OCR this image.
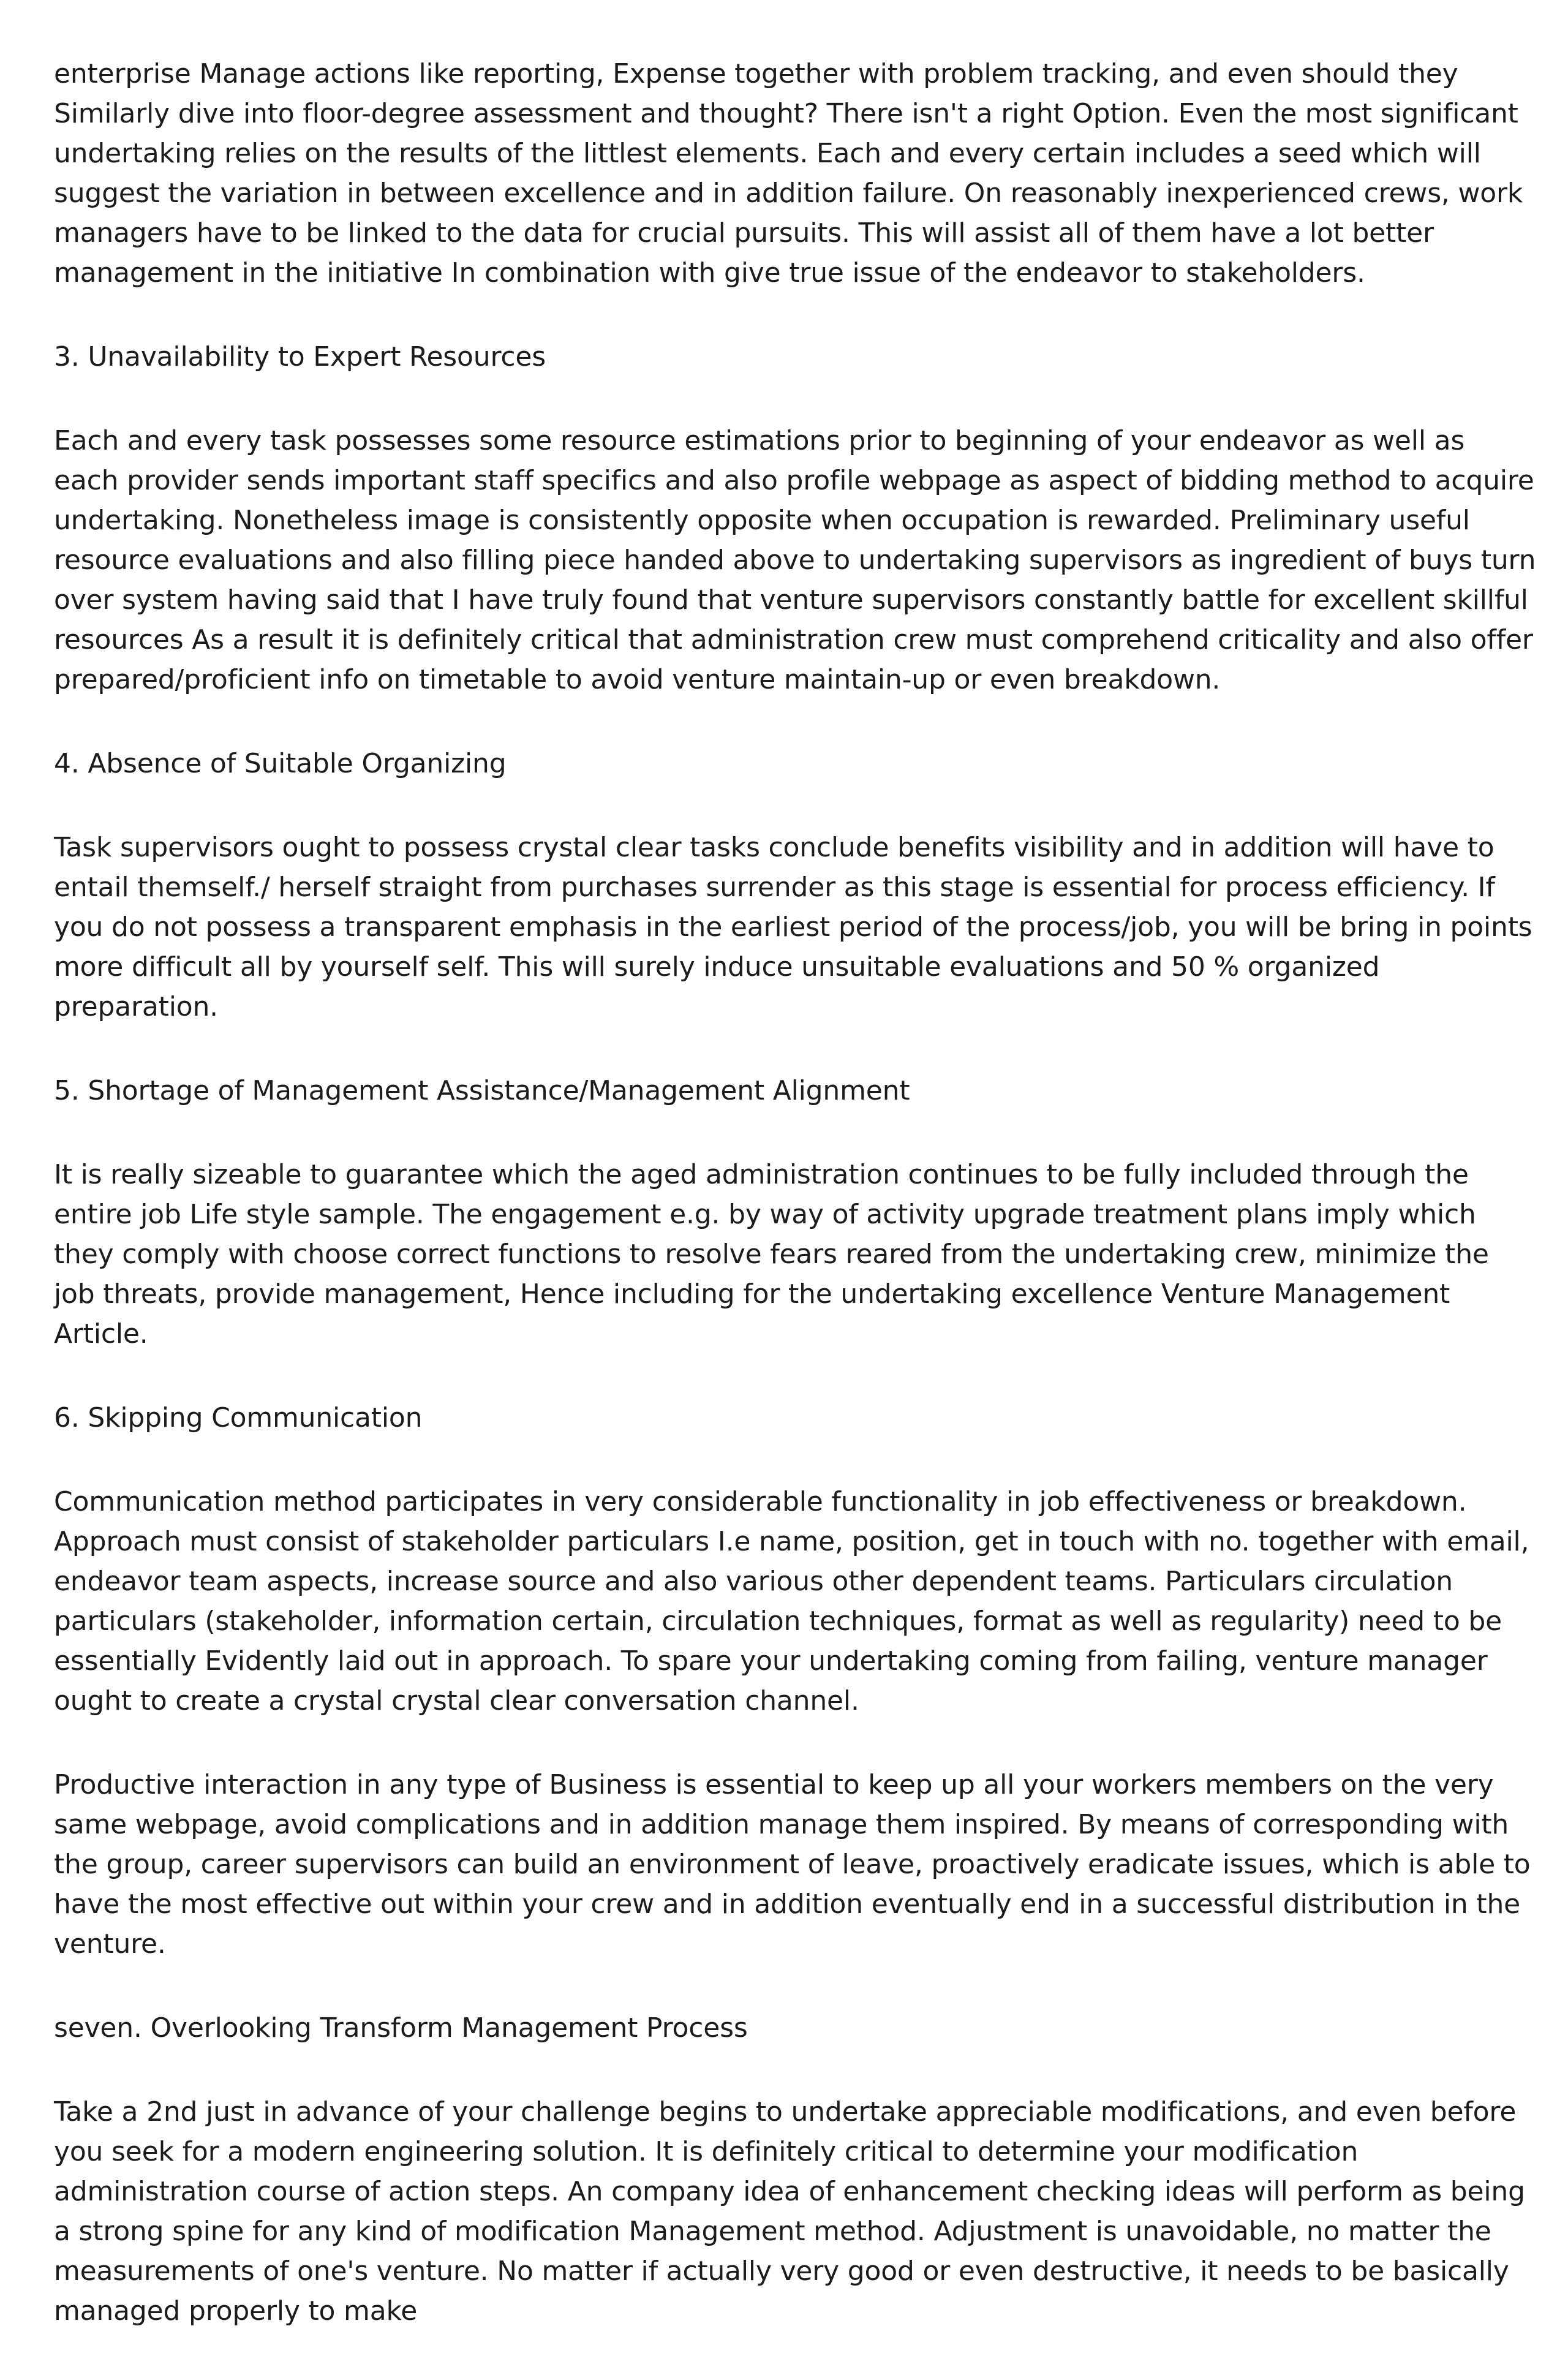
enterprise Manage actions like reporting, Expense together with problem tracking, and even should they Similarly dive into floor-degree assessment and thought? There isn't a right Option. Even the most significant undertaking relies on the results of the littlest elements. Each and every certain includes a seed which will suggest the variation in between excellence and in addition failure. On reasonably inexperienced crews, work managers have to be linked to the data for crucial pursuits. This will assist all of them have a lot better management in the initiative In combination with give true issue of the endeavor to stakeholders.

3. Unavailability to Expert Resources

Each and every task possesses some resource estimations prior to beginning of your endeavor as well as each provider sends important staff specifics and also profile webpage as aspect of bidding method to acquire undertaking. Nonetheless image is consistently opposite when occupation is rewarded. Preliminary useful resource evaluations and also filling piece handed above to undertaking supervisors as ingredient of buys turn over system having said that I have truly found that venture supervisors constantly battle for excellent skillful resources As a result it is definitely critical that administration crew must comprehend criticality and also offer prepared/proficient info on timetable to avoid venture maintain-up or even breakdown.

4. Absence of Suitable Organizing

Task supervisors ought to possess crystal clear tasks conclude benefits visibility and in addition will have to entail themself./ herself straight from purchases surrender as this stage is essential for process efficiency. If you do not possess a transparent emphasis in the earliest period of the process/job, you will be bring in points more difficult all by yourself self. This will surely induce unsuitable evaluations and 50 % organized preparation.

5. Shortage of Management Assistance/Management Alignment

It is really sizeable to guarantee which the aged administration continues to be fully included through the entire job Life style sample. The engagement e.g. by way of activity upgrade treatment plans imply which they comply with choose correct functions to resolve fears reared from the undertaking crew, minimize the job threats, provide management, Hence including for the undertaking excellence Venture Management Article.

6. Skipping Communication

Communication method participates in very considerable functionality in job effectiveness or breakdown. Approach must consist of stakeholder particulars I.e name, position, get in touch with no. together with email, endeavor team aspects, increase source and also various other dependent teams. Particulars circulation particulars (stakeholder, information certain, circulation techniques, format as well as regularity) need to be essentially Evidently laid out in approach. To spare your undertaking coming from failing, venture manager ought to create a crystal crystal clear conversation channel.

Productive interaction in any type of Business is essential to keep up all your workers members on the very same webpage, avoid complications and in addition manage them inspired. By means of corresponding with the group, career supervisors can build an environment of leave, proactively eradicate issues, which is able to have the most effective out within your crew and in addition eventually end in a successful distribution in the venture.

seven. Overlooking Transform Management Process

Take a 2nd just in advance of your challenge begins to undertake appreciable modifications, and even before you seek for a modern engineering solution. It is definitely critical to determine your modification administration course of action steps. An company idea of enhancement checking ideas will perform as being a strong spine for any kind of modification Management method. Adjustment is unavoidable, no matter the measurements of one's venture. No matter if actually very good or even destructive, it needs to be basically managed properly to make
